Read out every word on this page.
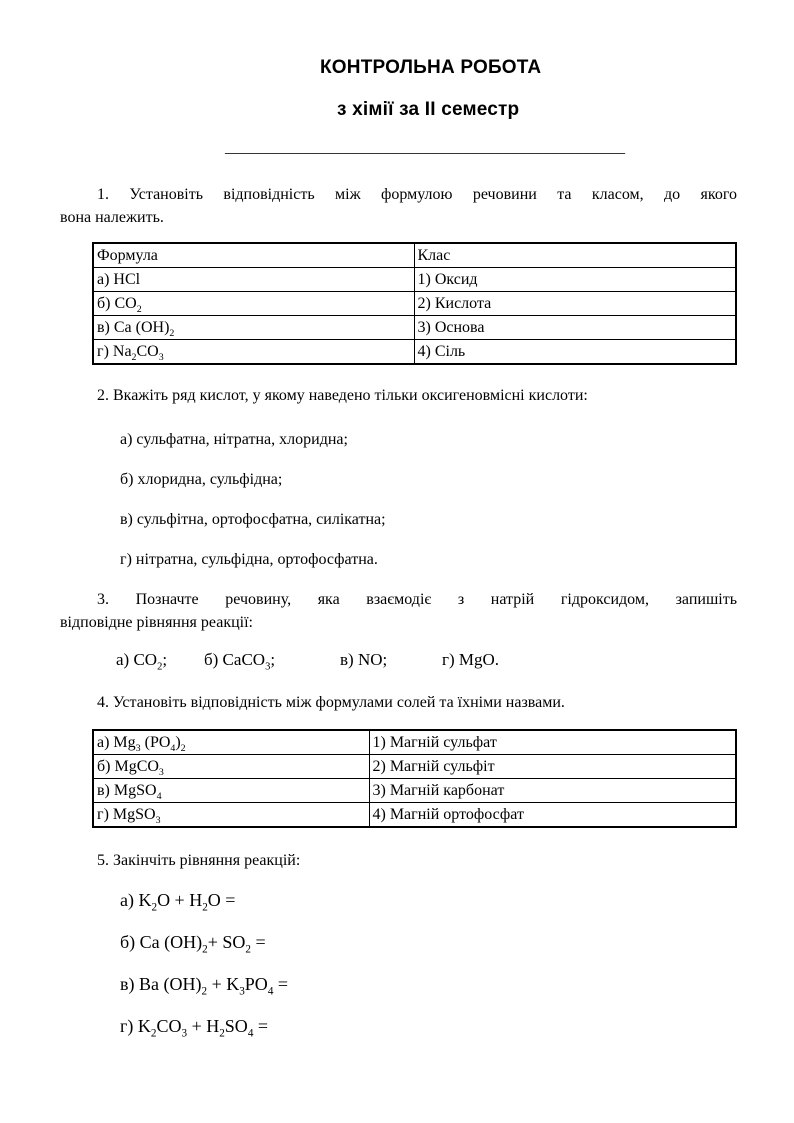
КОНТРОЛЬНА РОБОТА
з хімії за ІІ семестр
__________________________________________________
1. Установіть відповідність між формулою речовини та класом, до якого
вона належить.
Формула	Клас
а) HCl	1) Оксид
б) $CO_2$	2) Кислота
в) Ca $(OH)_2$	3) Основа
г) $Na_2CO_3$	4) Сіль
2. Вкажіть ряд кислот, у якому наведено тільки оксигеновмісні кислоти:
а) сульфатна, нітратна, хлоридна;
б) хлоридна, сульфідна;
в) сульфітна, ортофосфатна, силікатна;
г) нітратна, сульфідна, ортофосфатна.
3. Позначте речовину, яка взаємодіє з натрій гідроксидом, запишіть
відповідне рівняння реакції:
а) $CO_2$; б) CaCO$_3$;	в) NO;	г) MgO.
4. Установіть відповідність між формулами солей та їхніми назвами.
а) $Mg_3$ $(PO_4)_2$	1) Магній сульфат
б) MgCO$_3$	2) Магній сульфіт
в) MgSO$_4$	3) Магній карбонат
г) MgSO$_3$	4) Магній ортофосфат
5. Закінчіть рівняння реакцій:
а) $K_2O + H_2O$ =
б) Ca $(OH)_2+ SO_2$ =
в) Ba $(OH)_2 + K_3PO_4$ =
г) $K_2CO_3 + H_2SO_4$ =
